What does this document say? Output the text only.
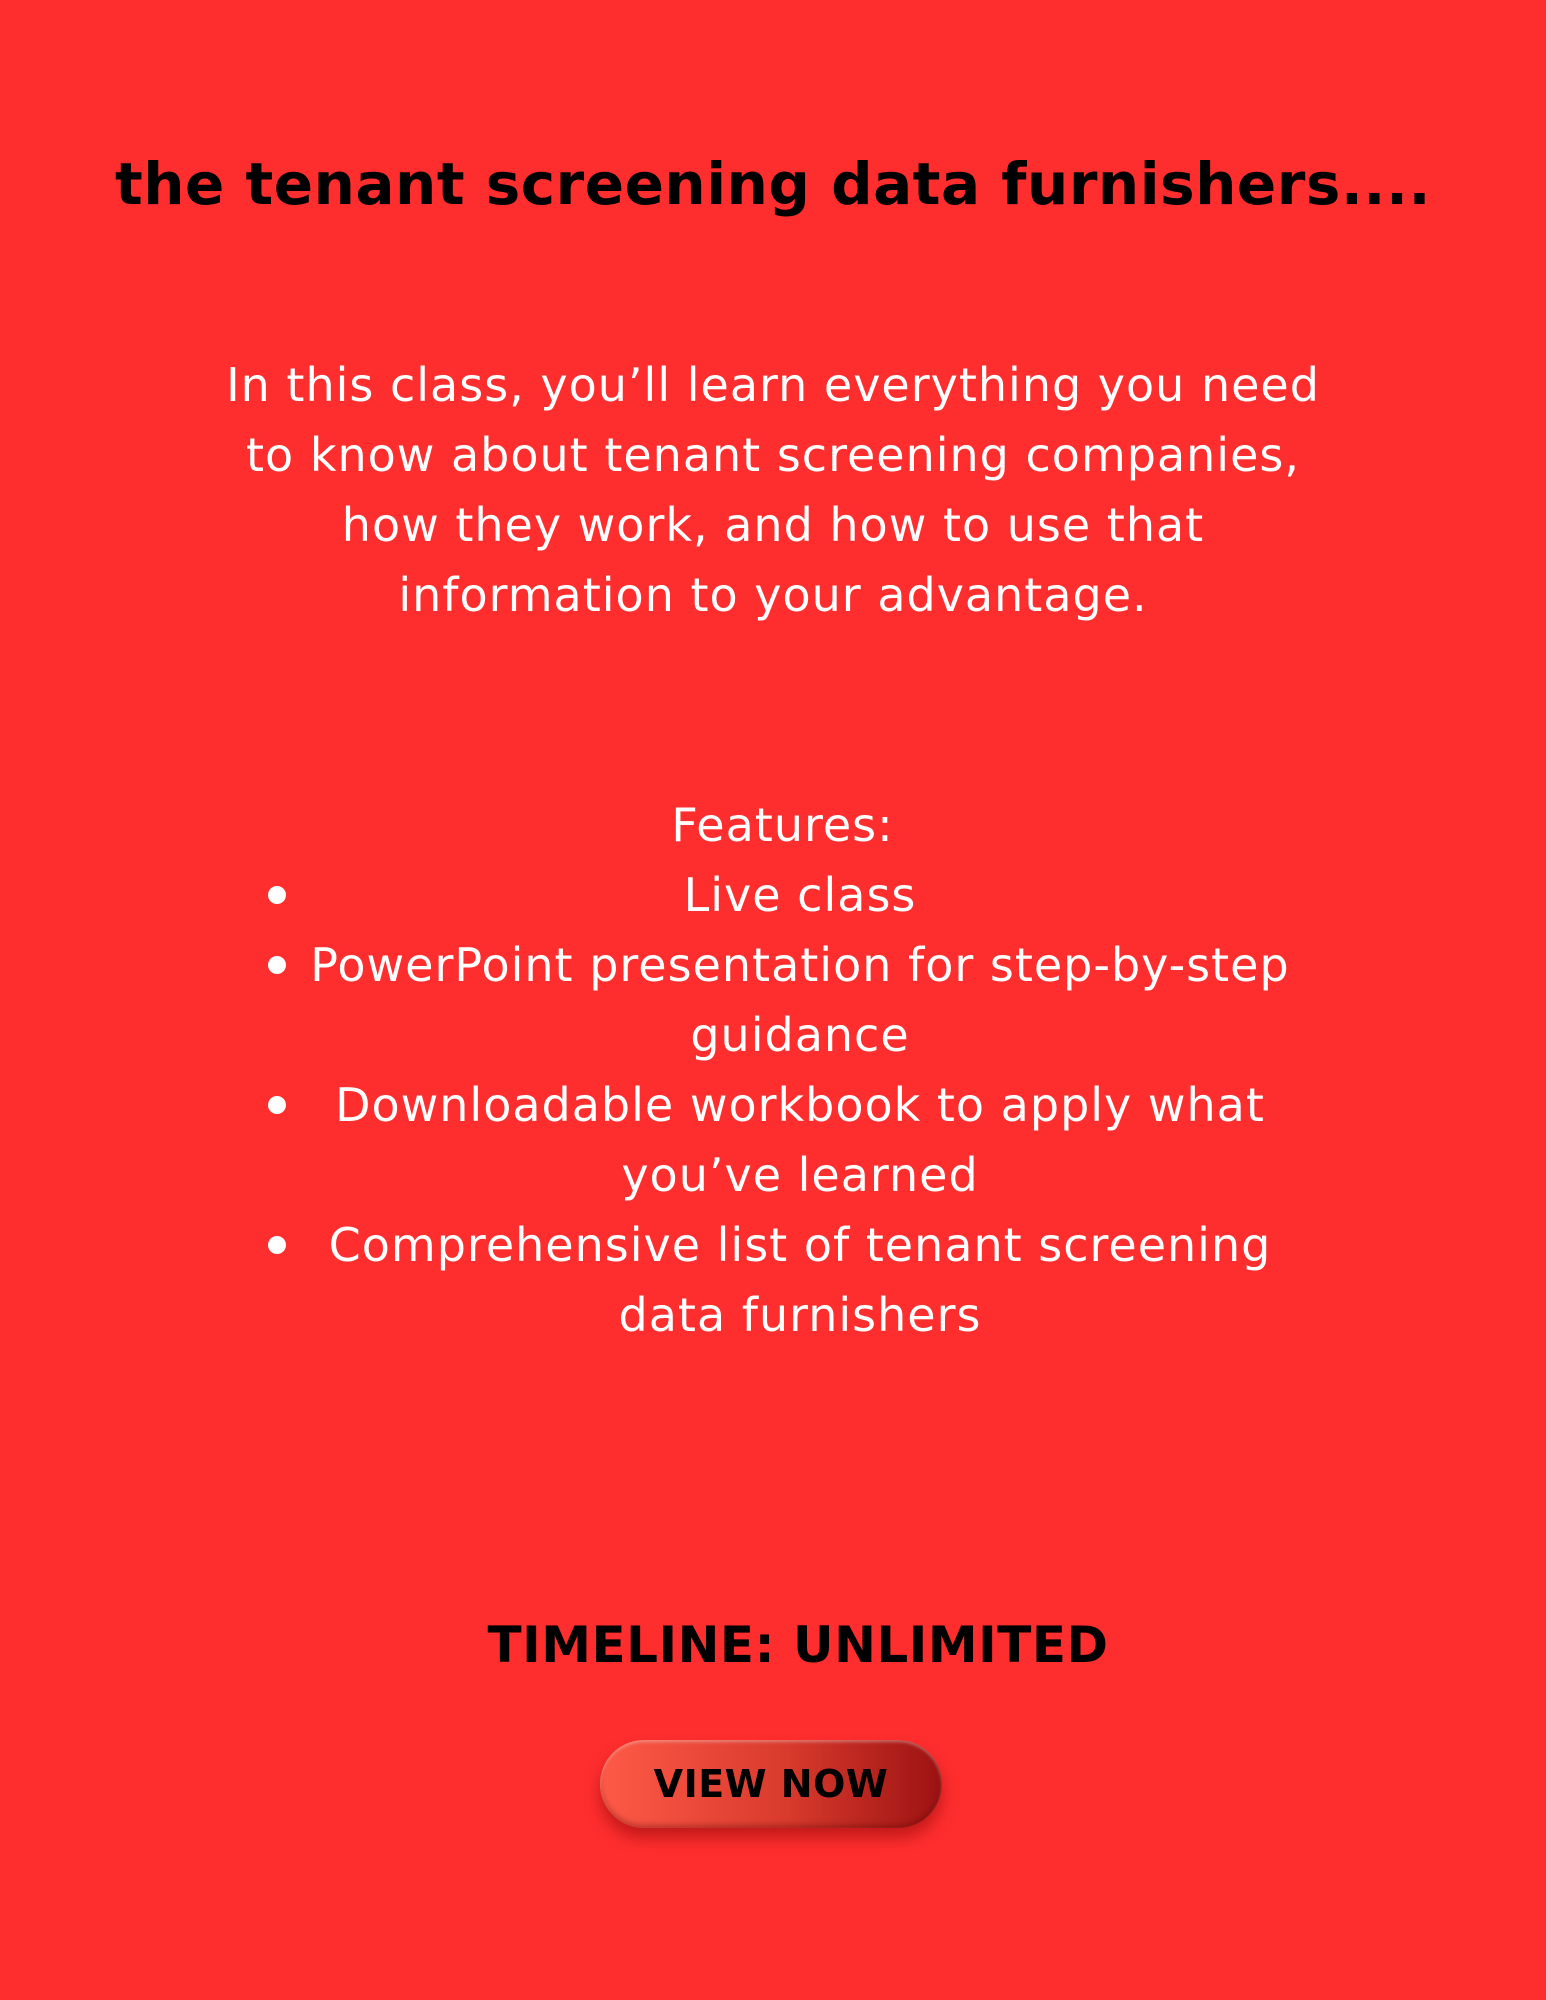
the tenant screening data furnishers....

In this class, you’ll learn everything you need to know about tenant screening companies, how they work, and how to use that information to your advantage.

Features:
Live class
PowerPoint presentation for step-by-step guidance
Downloadable workbook to apply what you’ve learned
Comprehensive list of tenant screening data furnishers

TIMELINE: UNLIMITED

VIEW NOW
